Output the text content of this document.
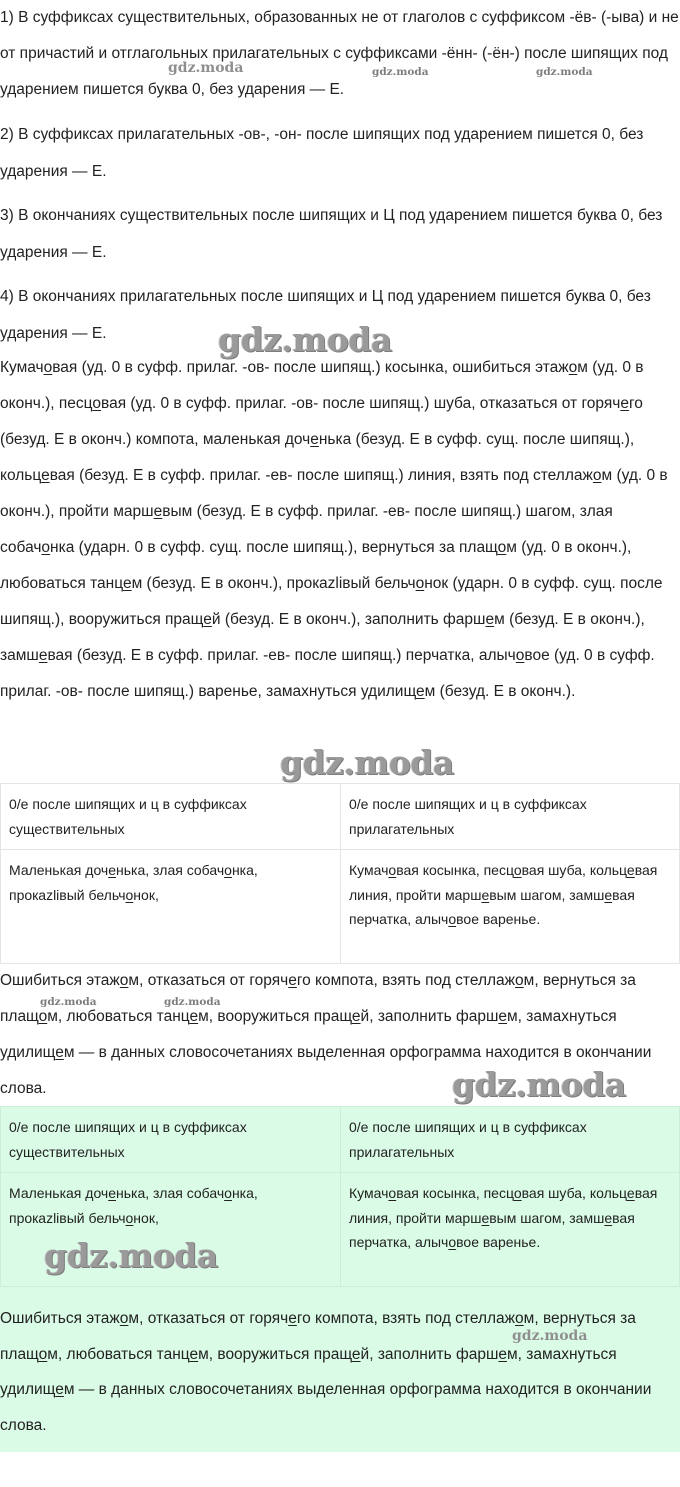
1) В суффиксах существительных, образованных не от глаголов с суффиксом -ёв- (-ыва) и не от причастий и отглагольных прилагательных с суффиксами -ённ- (-ён-) после шипящих под ударением пишется буква 0, без ударения — Е.

2) В суффиксах прилагательных -ов-, -он- после шипящих под ударением пишется 0, без ударения — Е.

3) В окончаниях существительных после шипящих и Ц под ударением пишется буква 0, без ударения — Е.

4) В окончаниях прилагательных после шипящих и Ц под ударением пишется буква 0, без ударения — Е.

Кумачовая (уд. 0 в суфф. прилаг. -ов- после шипящ.) косынка, ошибиться этажом (уд. 0 в оконч.), песцовая (уд. 0 в суфф. прилаг. -ов- после шипящ.) шуба, отказаться от горячего (безуд. Е в оконч.) компота, маленькая доченька (безуд. Е в суфф. сущ. после шипящ.), кольцевая (безуд. Е в суфф. прилаг. -ев- после шипящ.) линия, взять под стеллажом (уд. 0 в оконч.), пройти маршевым (безуд. Е в суфф. прилаг. -ев- после шипящ.) шагом, злая собачонка (ударн. 0 в суфф. сущ. после шипящ.), вернуться за плащом (уд. 0 в оконч.), любоваться танцем (безуд. Е в оконч.), прокazliвый бельчонок (ударн. 0 в суфф. сущ. после шипящ.), вооружиться пращей (безуд. Е в оконч.), заполнить фаршем (безуд. Е в оконч.), замшевая (безуд. Е в суфф. прилаг. -ев- после шипящ.) перчатка, алычовое (уд. 0 в суфф. прилаг. -ов- после шипящ.) варенье, замахнуться удилищем (безуд. Е в оконч.).

0/е после шипящих и ц в суффиксах существительных	0/е после шипящих и ц в суффиксах прилагательных
Маленькая доченька, злая собачонка, прокazliвый бельчонок,	Кумачовая косынка, песцовая шуба, кольцевая линия, пройти маршевым шагом, замшевая перчатка, алычовое варенье.

Ошибиться этажом, отказаться от горячего компота, взять под стеллажом, вернуться за плащом, любоваться танцем, вооружиться пращей, заполнить фаршем, замахнуться удилищем — в данных словосочетаниях выделенная орфограмма находится в окончании слова.

0/е после шипящих и ц в суффиксах существительных	0/е после шипящих и ц в суффиксах прилагательных
Маленькая доченька, злая собачонка, прокazliвый бельчонок,	Кумачовая косынка, песцовая шуба, кольцевая линия, пройти маршевым шагом, замшевая перчатка, алычовое варенье.

Ошибиться этажом, отказаться от горячего компота, взять под стеллажом, вернуться за плащом, любоваться танцем, вооружиться пращей, заполнить фаршем, замахнуться удилищем — в данных словосочетаниях выделенная орфограмма находится в окончании слова.

gdz.moda	gdz.moda	gdz.moda
gdz.moda
gdz.moda
gdz.moda	gdz.moda
gdz.moda
gdz.moda
gdz.moda
